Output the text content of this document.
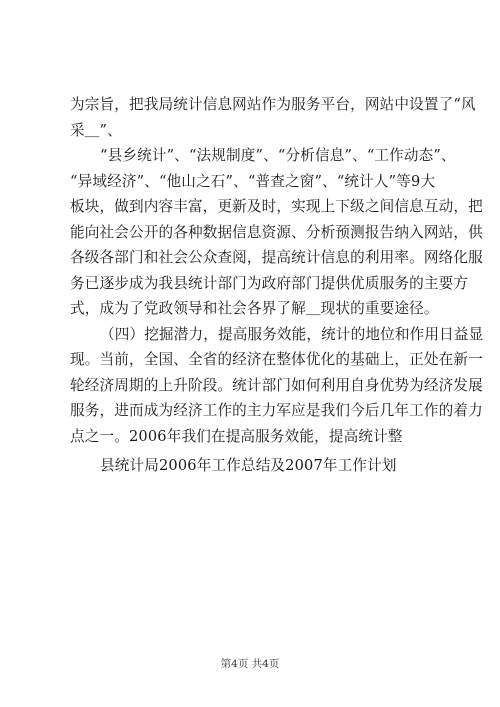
为宗旨，把我局统计信息网站作为服务平台，网站中设置了“风
采＿”、
“县乡统计”、“法规制度”、“分析信息”、“工作动态”、
“异域经济”、“他山之石”、“普查之窗”、“统计人”等9大
板块，做到内容丰富，更新及时，实现上下级之间信息互动，把
能向社会公开的各种数据信息资源、分析预测报告纳入网站，供
各级各部门和社会公众查阅，提高统计信息的利用率。网络化服
务已逐步成为我县统计部门为政府部门提供优质服务的主要方
式，成为了党政领导和社会各界了解＿现状的重要途径。
（四）挖掘潜力，提高服务效能，统计的地位和作用日益显
现。当前，全国、全省的经济在整体优化的基础上，正处在新一
轮经济周期的上升阶段。统计部门如何利用自身优势为经济发展
服务，进而成为经济工作的主力军应是我们今后几年工作的着力
点之一。2006年我们在提高服务效能，提高统计整
县统计局2006年工作总结及2007年工作计划
第4页 共4页
